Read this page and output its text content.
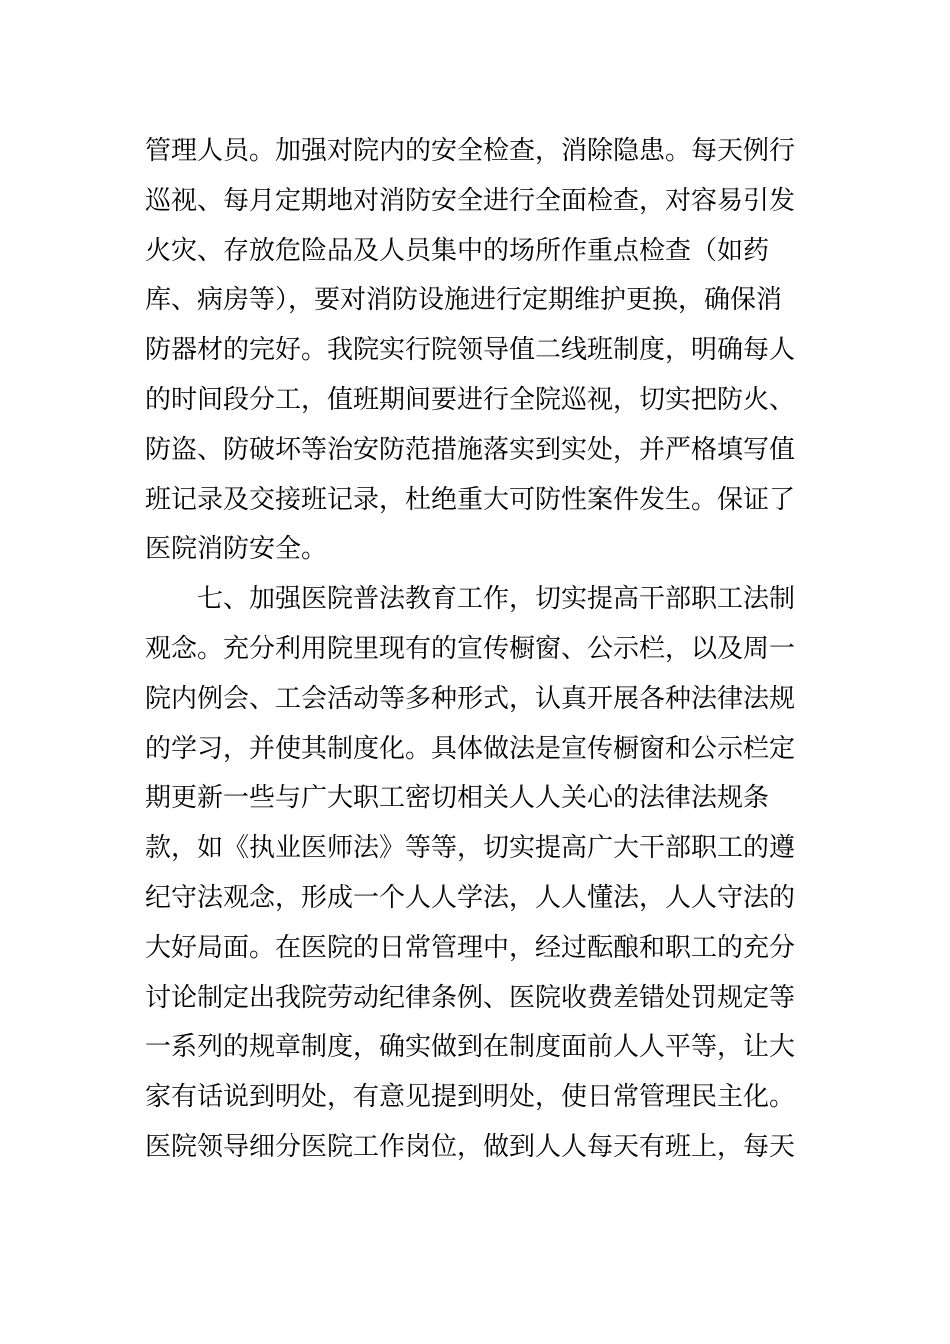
管理人员。加强对院内的安全检查，消除隐患。每天例行
巡视、每月定期地对消防安全进行全面检查，对容易引发
火灾、存放危险品及人员集中的场所作重点检查（如药
库、病房等），要对消防设施进行定期维护更换，确保消
防器材的完好。我院实行院领导值二线班制度，明确每人
的时间段分工，值班期间要进行全院巡视，切实把防火、
防盗、防破坏等治安防范措施落实到实处，并严格填写值
班记录及交接班记录，杜绝重大可防性案件发生。保证了
医院消防安全。
　　七、加强医院普法教育工作，切实提高干部职工法制
观念。充分利用院里现有的宣传橱窗、公示栏，以及周一
院内例会、工会活动等多种形式，认真开展各种法律法规
的学习，并使其制度化。具体做法是宣传橱窗和公示栏定
期更新一些与广大职工密切相关人人关心的法律法规条
款，如《执业医师法》等等，切实提高广大干部职工的遵
纪守法观念，形成一个人人学法，人人懂法，人人守法的
大好局面。在医院的日常管理中，经过酝酿和职工的充分
讨论制定出我院劳动纪律条例、医院收费差错处罚规定等
一系列的规章制度，确实做到在制度面前人人平等，让大
家有话说到明处，有意见提到明处，使日常管理民主化。
医院领导细分医院工作岗位，做到人人每天有班上，每天
